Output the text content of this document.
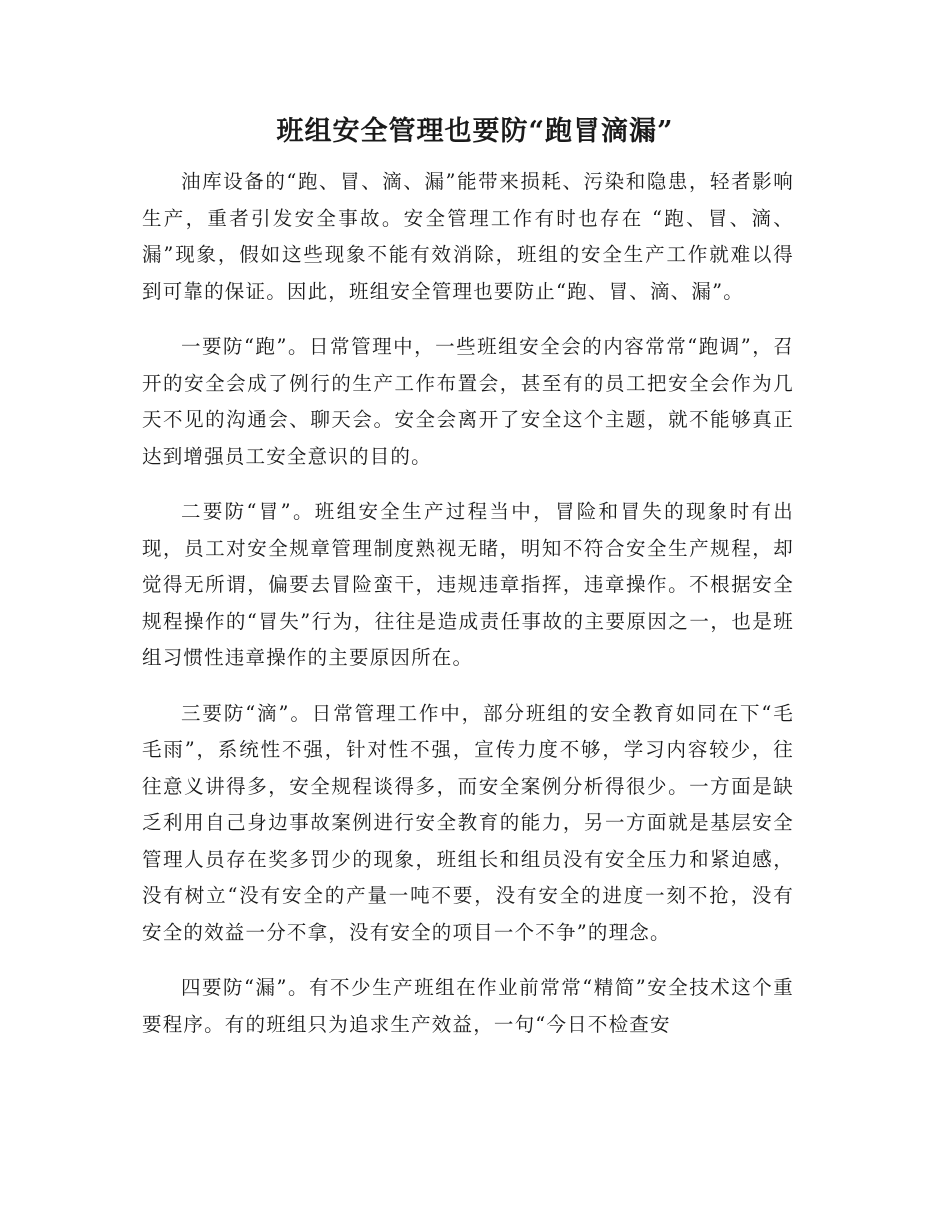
班组安全管理也要防“跑冒滴漏”

油库设备的“跑、冒、滴、漏”能带来损耗、污染和隐患，轻者影响生产，重者引发安全事故。安全管理工作有时也存在 “跑、冒、滴、漏”现象，假如这些现象不能有效消除，班组的安全生产工作就难以得到可靠的保证。因此，班组安全管理也要防止“跑、冒、滴、漏”。

一要防“跑”。日常管理中，一些班组安全会的内容常常“跑调”，召开的安全会成了例行的生产工作布置会，甚至有的员工把安全会作为几天不见的沟通会、聊天会。安全会离开了安全这个主题，就不能够真正达到增强员工安全意识的目的。

二要防“冒”。班组安全生产过程当中，冒险和冒失的现象时有出现，员工对安全规章管理制度熟视无睹，明知不符合安全生产规程，却觉得无所谓，偏要去冒险蛮干，违规违章指挥，违章操作。不根据安全规程操作的“冒失”行为，往往是造成责任事故的主要原因之一，也是班组习惯性违章操作的主要原因所在。

三要防“滴”。日常管理工作中，部分班组的安全教育如同在下“毛毛雨”，系统性不强，针对性不强，宣传力度不够，学习内容较少，往往意义讲得多，安全规程谈得多，而安全案例分析得很少。一方面是缺乏利用自己身边事故案例进行安全教育的能力，另一方面就是基层安全管理人员存在奖多罚少的现象，班组长和组员没有安全压力和紧迫感，没有树立“没有安全的产量一吨不要，没有安全的进度一刻不抢，没有安全的效益一分不拿，没有安全的项目一个不争”的理念。

四要防“漏”。有不少生产班组在作业前常常“精简”安全技术这个重要程序。有的班组只为追求生产效益，一句“今日不检查安
